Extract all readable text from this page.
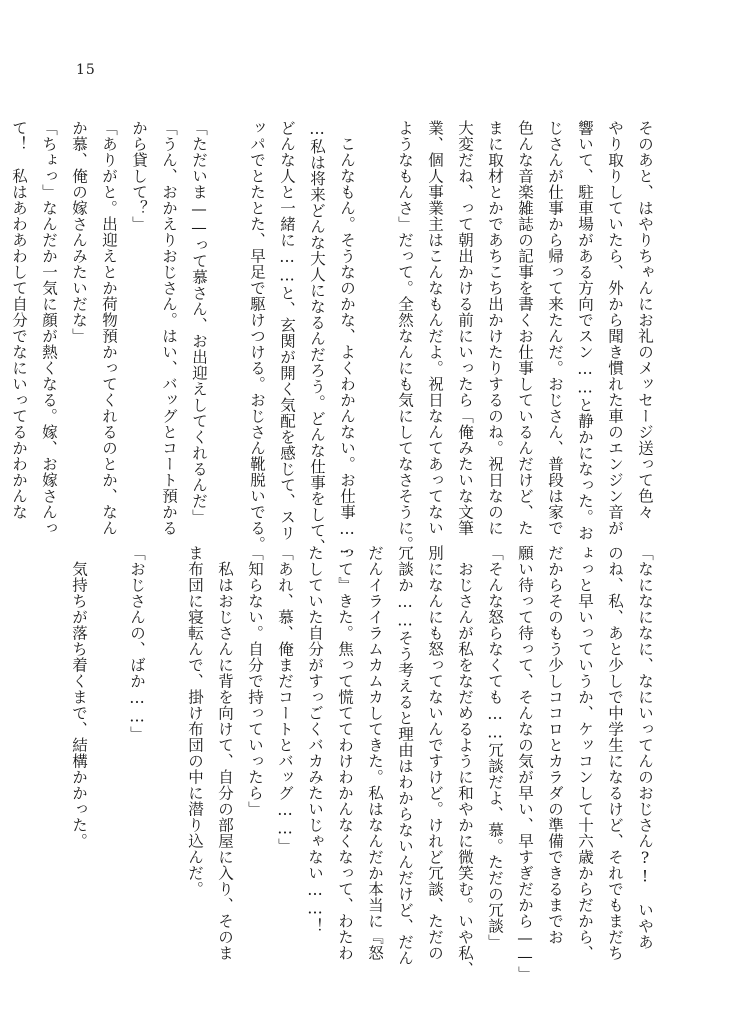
15

そのあと、はやりちゃんにお礼のメッセージ送って色々

やり取りしていたら、外から聞き慣れた車のエンジン音が

響いて、駐車場がある方向でスン……と静かになった。お

じさんが仕事から帰って来たんだ。おじさん、普段は家で

色んな音楽雑誌の記事を書くお仕事しているんだけど、た

まに取材とかであちこち出かけたりするのね。祝日なのに

大変だね、って朝出かける前にいったら「俺みたいな文筆

業、個人事業主はこんなもんだよ。祝日なんてあってない

ようなもんさ」だって。全然なんにも気にしてなさそうに。

　こんなもん。そうなのかな、よくわかんない。お仕事……

…私は将来どんな大人になるんだろう。どんな仕事をして、

どんな人と一緒に……と、玄関が開く気配を感じて、スリ

ッパでとたとた、早足で駆けつける。おじさん靴脱いでる。

「ただいま——って慕さん、お出迎えしてくれるんだ」

「うん、おかえりおじさん。はい、バッグとコート預かる

から貸して？」

「ありがと。出迎えとか荷物預かってくれるのとか、なん

か慕、俺の嫁さんみたいだな」

「ちょっ」なんだか一気に顔が熱くなる。嫁、お嫁さんっ

て！　私はあわあわして自分でなにいってるかわかんな

「なになになに、なにいってんのおじさん?!　いやあ

のね、私、あと少しで中学生になるけど、それでもまだち

ょっと早いっていうか、ケッコンして十六歳からだから、

だからそのもう少しココロとカラダの準備できるまでお

願い待って待って、そんなの気が早い、早すぎだから——」

「そんな怒らなくても……冗談だよ、慕。ただの冗談」

　おじさんが私をなだめるように和やかに微笑む。いや私、

別になんにも怒ってないんですけど。けれど冗談、ただの

冗談か……そう考えると理由はわからないんだけど、だん

だんイライラムカムカしてきた。私はなんだか本当に『怒

って』きた。焦って慌ててわけわかんなくなって、わたわ

たしていた自分がすっごくバカみたいじゃない……！

「あれ、慕、俺まだコートとバッグ……」

「知らない。自分で持っていったら」

　私はおじさんに背を向けて、自分の部屋に入り、そのま

ま布団に寝転んで、掛け布団の中に潜り込んだ。

「おじさんの、ばか……」

　気持ちが落ち着くまで、結構かかった。
